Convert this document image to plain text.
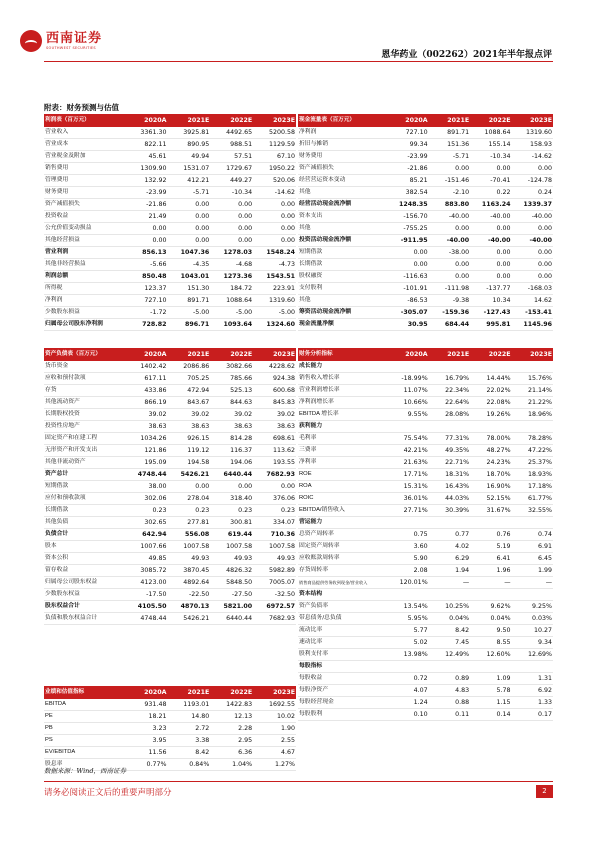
西南证券
SOUTHWEST SECURITIES
恩华药业（002262）2021年半年报点评
附表：财务预测与估值
利润表（百万元）	2020A	2021E	2022E	2023E
营业收入	3361.30	3925.81	4492.65	5200.58
营业成本	822.11	890.95	988.51	1129.59
营业税金及附加	45.61	49.94	57.51	67.10
销售费用	1309.90	1531.07	1729.67	1950.22
管理费用	132.92	412.21	449.27	520.06
财务费用	-23.99	-5.71	-10.34	-14.62
资产减值损失	-21.86	0.00	0.00	0.00
投资收益	21.49	0.00	0.00	0.00
公允价值变动损益	0.00	0.00	0.00	0.00
其他经营损益	0.00	0.00	0.00	0.00
营业利润	856.13	1047.36	1278.03	1548.24
其他非经营损益	-5.66	-4.35	-4.68	-4.73
利润总额	850.48	1043.01	1273.36	1543.51
所得税	123.37	151.30	184.72	223.91
净利润	727.10	891.71	1088.64	1319.60
少数股东损益	-1.72	-5.00	-5.00	-5.00
归属母公司股东净利润	728.82	896.71	1093.64	1324.60
现金流量表（百万元）	2020A	2021E	2022E	2023E
净利润	727.10	891.71	1088.64	1319.60
折旧与摊销	99.34	151.36	155.14	158.93
财务费用	-23.99	-5.71	-10.34	-14.62
资产减值损失	-21.86	0.00	0.00	0.00
经营营运资本变动	85.21	-151.46	-70.41	-124.78
其他	382.54	-2.10	0.22	0.24
经营活动现金流净额	1248.35	883.80	1163.24	1339.37
资本支出	-156.70	-40.00	-40.00	-40.00
其他	-755.25	0.00	0.00	0.00
投资活动现金流净额	-911.95	-40.00	-40.00	-40.00
短期借款	0.00	-38.00	0.00	0.00
长期借款	0.00	0.00	0.00	0.00
股权融资	-116.63	0.00	0.00	0.00
支付股利	-101.91	-111.98	-137.77	-168.03
其他	-86.53	-9.38	10.34	14.62
筹资活动现金流净额	-305.07	-159.36	-127.43	-153.41
现金流量净额	30.95	684.44	995.81	1145.96
资产负债表（百万元）	2020A	2021E	2022E	2023E
货币资金	1402.42	2086.86	3082.66	4228.62
应收和预付款项	617.11	705.25	785.66	924.38
存货	433.86	472.94	525.13	600.68
其他流动资产	866.19	843.67	844.63	845.83
长期股权投资	39.02	39.02	39.02	39.02
投资性房地产	38.63	38.63	38.63	38.63
固定资产和在建工程	1034.26	926.15	814.28	698.61
无形资产和开发支出	121.86	119.12	116.37	113.62
其他非流动资产	195.09	194.58	194.06	193.55
资产总计	4748.44	5426.21	6440.44	7682.93
短期借款	38.00	0.00	0.00	0.00
应付和预收款项	302.06	278.04	318.40	376.06
长期借款	0.23	0.23	0.23	0.23
其他负债	302.65	277.81	300.81	334.07
负债合计	642.94	556.08	619.44	710.36
股本	1007.66	1007.58	1007.58	1007.58
资本公积	49.85	49.93	49.93	49.93
留存收益	3085.72	3870.45	4826.32	5982.89
归属母公司股东权益	4123.00	4892.64	5848.50	7005.07
少数股东权益	-17.50	-22.50	-27.50	-32.50
股东权益合计	4105.50	4870.13	5821.00	6972.57
负债和股东权益合计	4748.44	5426.21	6440.44	7682.93
财务分析指标	2020A	2021E	2022E	2023E
成长能力				
销售收入增长率	-18.99%	16.79%	14.44%	15.76%
营业利润增长率	11.07%	22.34%	22.02%	21.14%
净利润增长率	10.66%	22.64%	22.08%	21.22%
EBITDA 增长率	9.55%	28.08%	19.26%	18.96%
获利能力				
毛利率	75.54%	77.31%	78.00%	78.28%
三费率	42.21%	49.35%	48.27%	47.22%
净利率	21.63%	22.71%	24.23%	25.37%
ROE	17.71%	18.31%	18.70%	18.93%
ROA	15.31%	16.43%	16.90%	17.18%
ROIC	36.01%	44.03%	52.15%	61.77%
EBITDA/销售收入	27.71%	30.39%	31.67%	32.55%
营运能力				
总资产周转率	0.75	0.77	0.76	0.74
固定资产周转率	3.60	4.02	5.19	6.91
应收账款周转率	5.90	6.29	6.41	6.45
存货周转率	2.08	1.94	1.96	1.99
销售商品提供劳务收到现金/营业收入	120.01%	—	—	—
资本结构				
资产负债率	13.54%	10.25%	9.62%	9.25%
带息债务/总负债	5.95%	0.04%	0.04%	0.03%
流动比率	5.77	8.42	9.50	10.27
速动比率	5.02	7.45	8.55	9.34
股利支付率	13.98%	12.49%	12.60%	12.69%
每股指标				
每股收益	0.72	0.89	1.09	1.31
每股净资产	4.07	4.83	5.78	6.92
每股经营现金	1.24	0.88	1.15	1.33
每股股利	0.10	0.11	0.14	0.17
业绩和估值指标	2020A	2021E	2022E	2023E
EBITDA	931.48	1193.01	1422.83	1692.55
PE	18.21	14.80	12.13	10.02
PB	3.23	2.72	2.28	1.90
PS	3.95	3.38	2.95	2.55
EV/EBITDA	11.56	8.42	6.36	4.67
股息率	0.77%	0.84%	1.04%	1.27%
数据来源：Wind，西南证券
请务必阅读正文后的重要声明部分	2
